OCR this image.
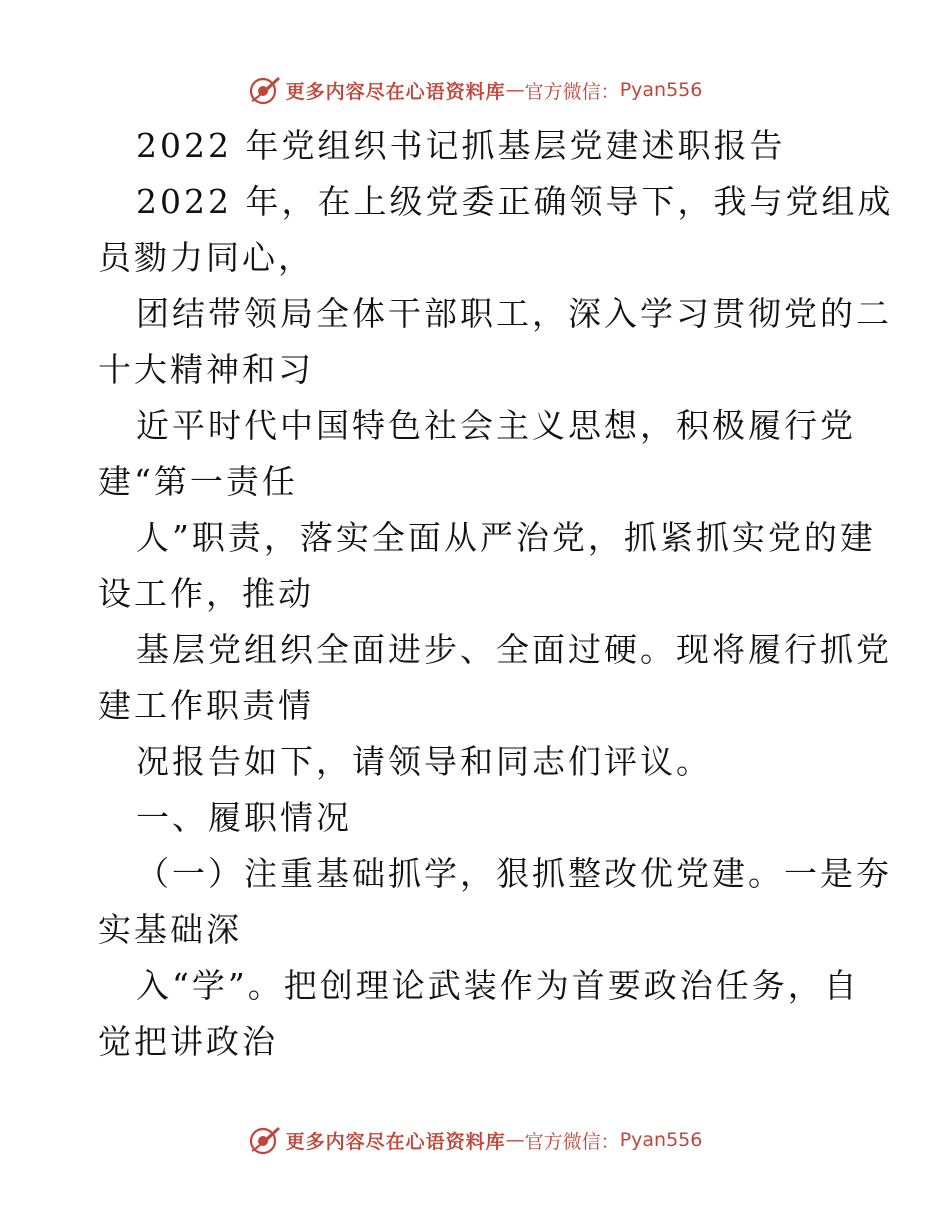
更多内容尽在心语资料库 — 官方微信： Pyan556
2022 年党组织书记抓基层党建述职报告
2022 年，在上级党委正确领导下，我与党组成
员勠力同心，
团结带领局全体干部职工，深入学习贯彻党的二
十大精神和习
近平时代中国特色社会主义思想，积极履行党
建“第一责任
人”职责，落实全面从严治党，抓紧抓实党的建
设工作，推动
基层党组织全面进步、全面过硬。现将履行抓党
建工作职责情
况报告如下，请领导和同志们评议。
一、履职情况
（一）注重基础抓学，狠抓整改优党建。一是夯
实基础深
入“学”。把创理论武装作为首要政治任务，自
觉把讲政治
更多内容尽在心语资料库 — 官方微信： Pyan556
